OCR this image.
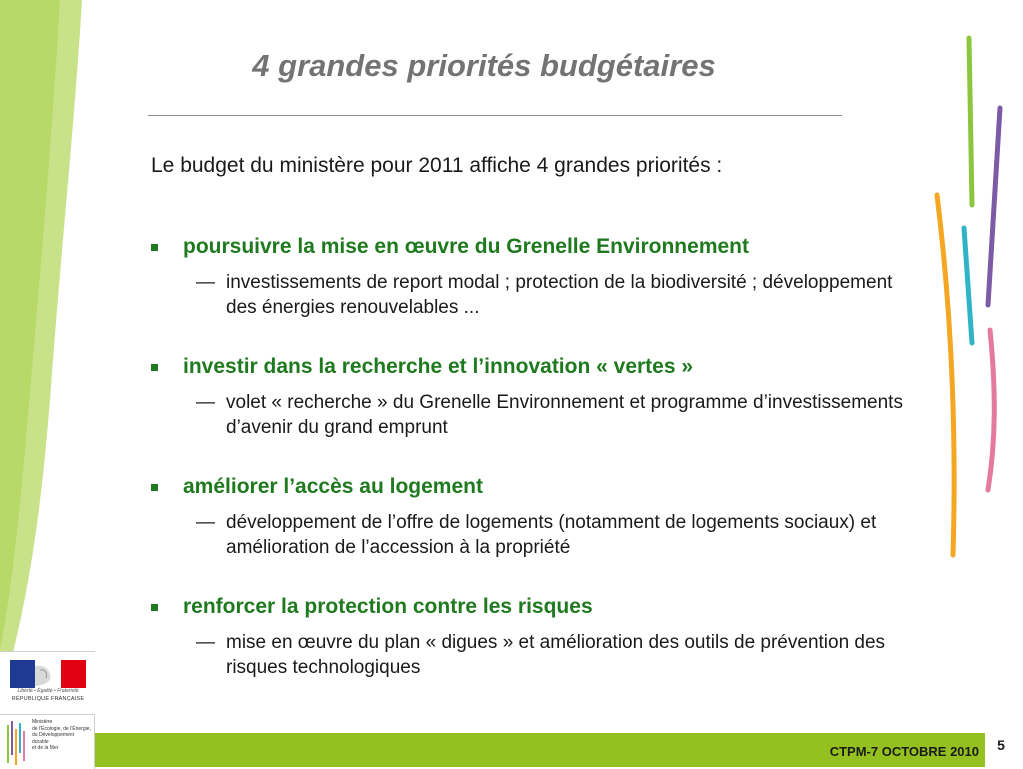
4 grandes priorités budgétaires
Le budget du ministère pour 2011 affiche 4 grandes priorités :
poursuivre la mise en œuvre du Grenelle Environnement
— investissements de report modal ; protection de la biodiversité ; développement des énergies renouvelables ...
investir dans la recherche et l’innovation « vertes »
— volet « recherche » du Grenelle Environnement et programme d’investissements d’avenir du grand emprunt
améliorer l’accès au logement
— développement de l’offre de logements (notamment de logements sociaux) et amélioration de l’accession à la propriété
renforcer la protection contre les risques
— mise en œuvre du plan « digues » et amélioration des outils de prévention des risques technologiques
CTPM-7 OCTOBRE 2010	5
Liberté • Égalité • Fraternité
RÉPUBLIQUE FRANÇAISE
Ministère
de l’Écologie, de l’Énergie,
du Développement
durable
et de la Mer
